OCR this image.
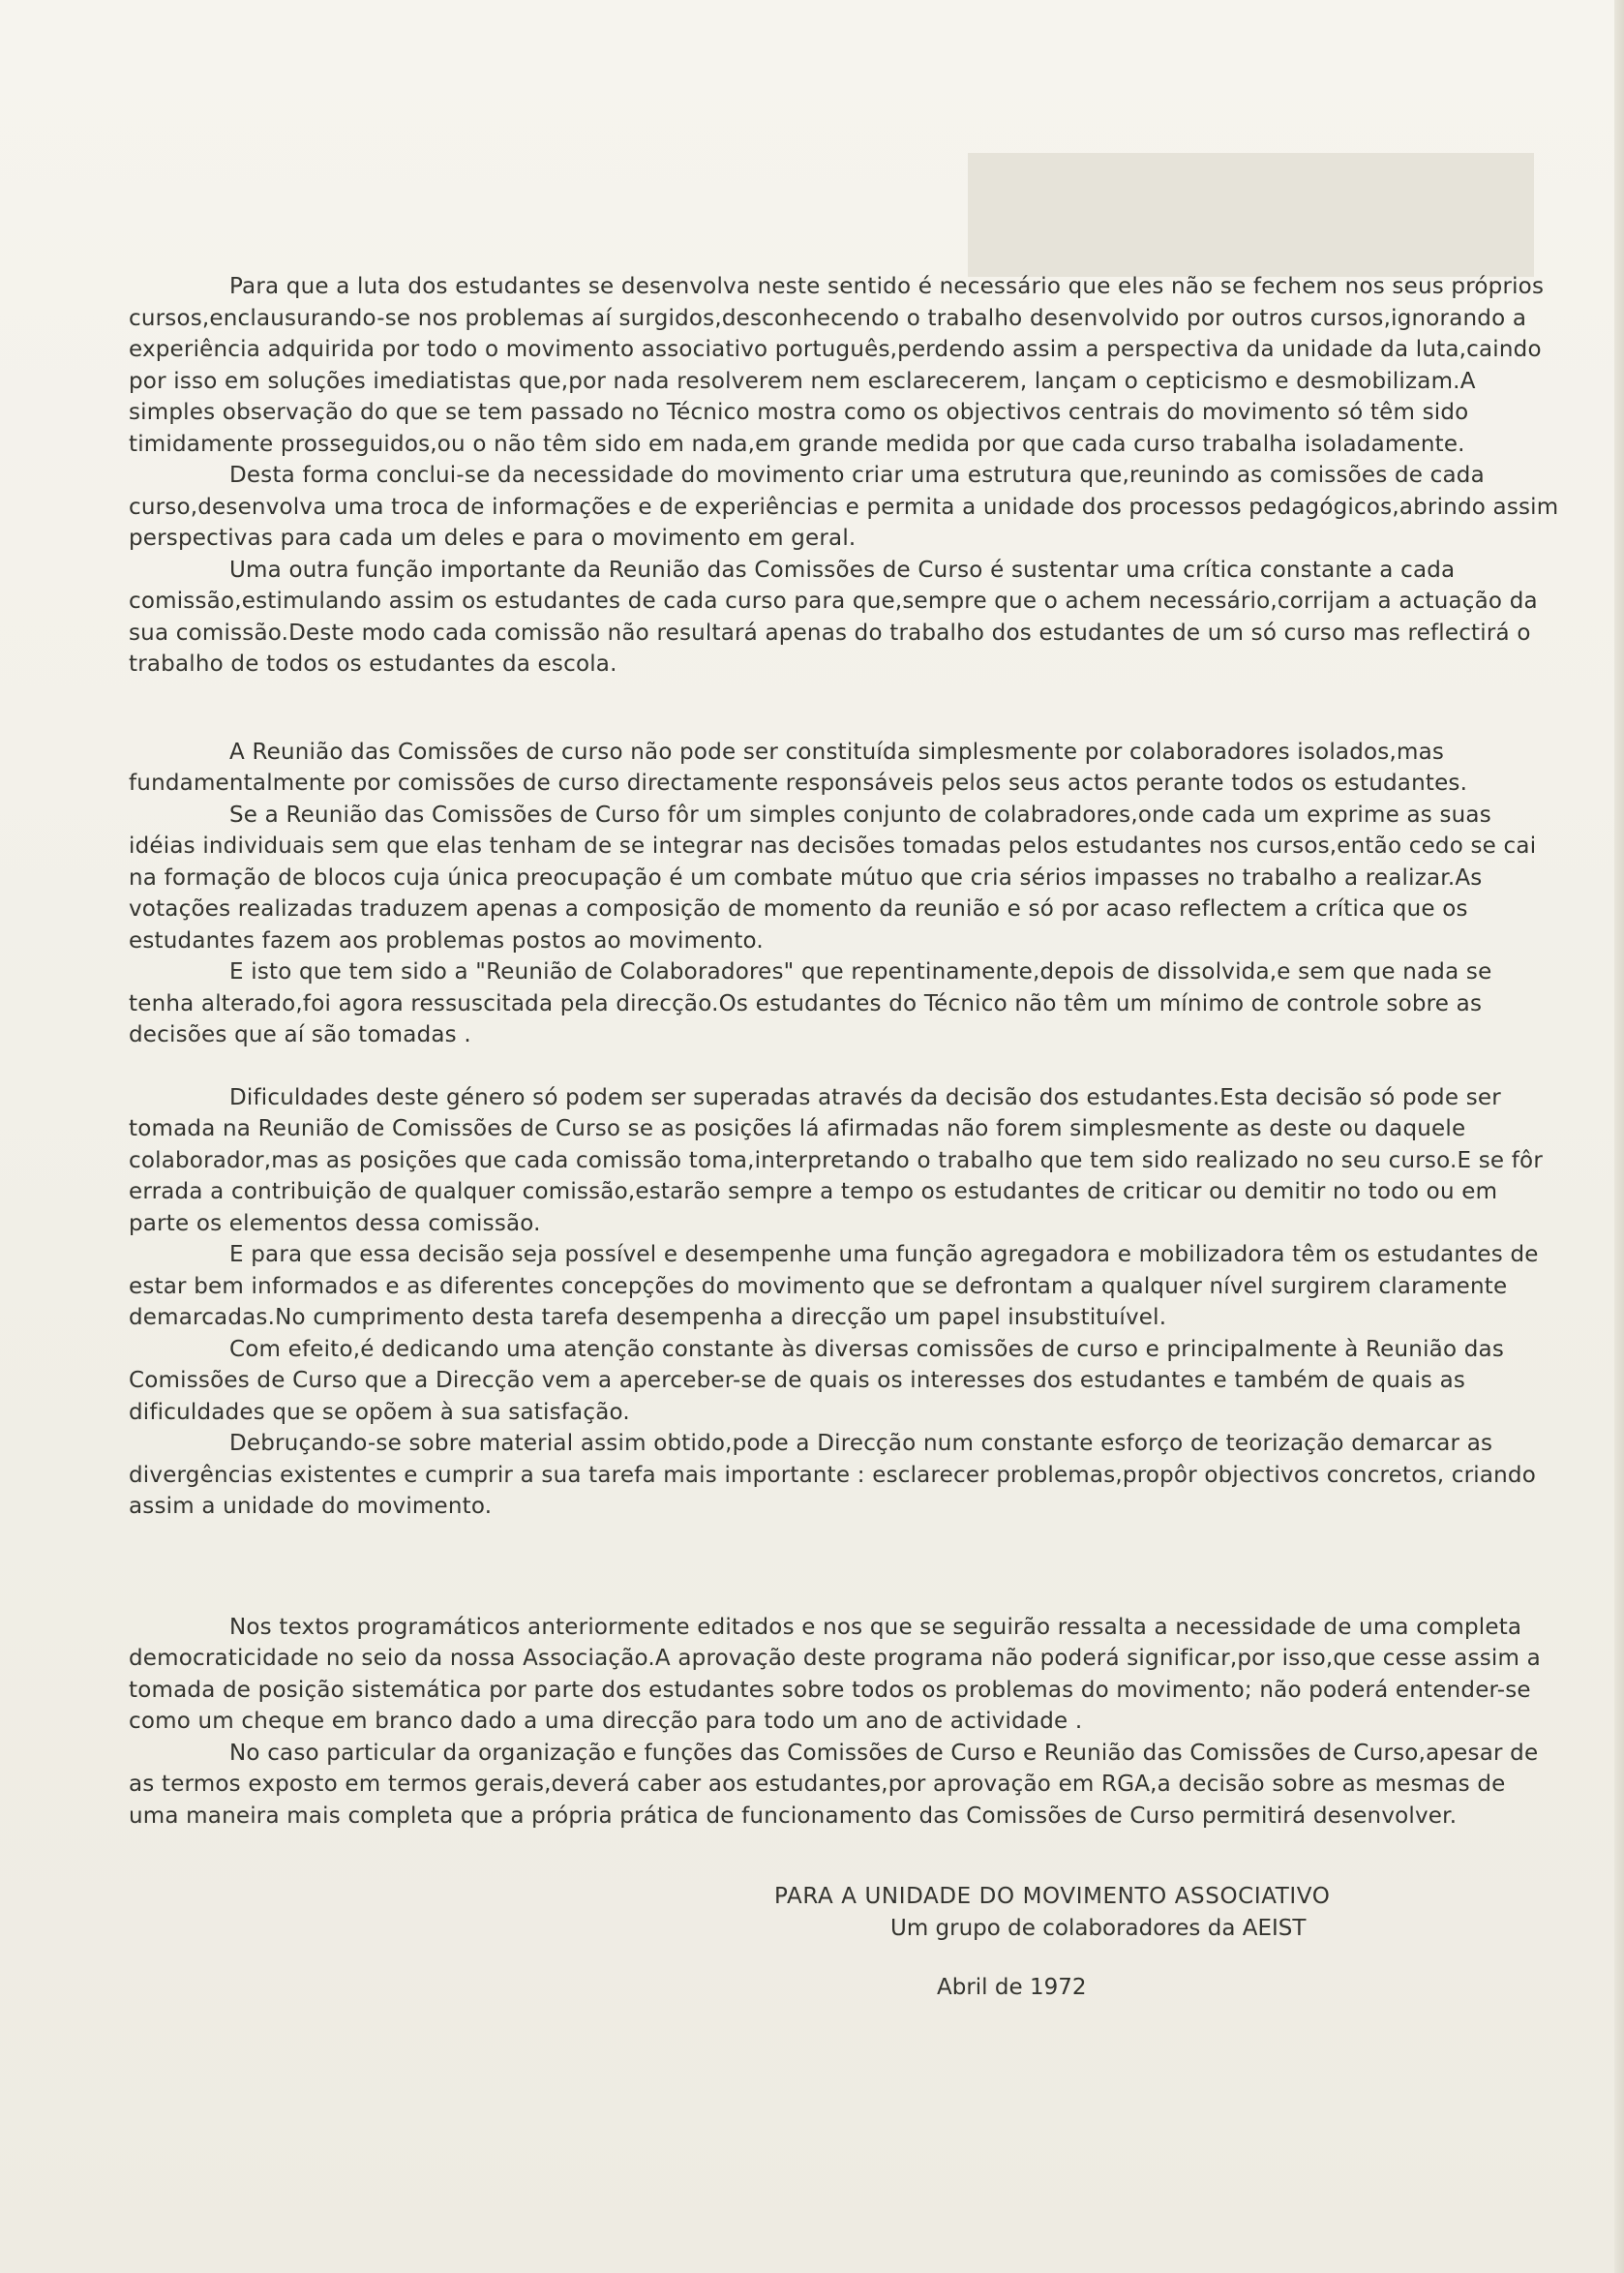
Para que a luta dos estudantes se desenvolva neste sentido é necessário que eles não se fechem nos seus próprios cursos,enclausurando-se nos problemas aí surgidos,desconhecendo o trabalho desenvolvido por outros cursos,ignorando a experiência adquirida por todo o movimento associativo português,perdendo assim a perspectiva da unidade da luta,caindo por isso em soluções imediatistas que,por nada resolverem nem esclarecerem, lançam o cepticismo e desmobilizam.A simples observação do que se tem passado no Técnico mostra como os objectivos centrais do movimento só têm sido timidamente prosseguidos,ou o não têm sido em nada,em grande medida por que cada curso trabalha isoladamente.

Desta forma conclui-se da necessidade do movimento criar uma estrutura que,reunindo as comissões de cada curso,desenvolva uma troca de informações e de experiências e permita a unidade dos processos pedagógicos,abrindo assim perspectivas para cada um deles e para o movimento em geral.

Uma outra função importante da Reunião das Comissões de Curso é sustentar uma crítica constante a cada comissão,estimulando assim os estudantes de cada curso para que,sempre que o achem necessário,corrijam a actuação da sua comissão.Deste modo cada comissão não resultará apenas do trabalho dos estudantes de um só curso mas reflectirá o trabalho de todos os estudantes da escola.

A Reunião das Comissões de curso não pode ser constituída simplesmente por colaboradores isolados,mas fundamentalmente por comissões de curso directamente responsáveis pelos seus actos perante todos os estudantes.

Se a Reunião das Comissões de Curso fôr um simples conjunto de colabradores,onde cada um exprime as suas idéias individuais sem que elas tenham de se integrar nas decisões tomadas pelos estudantes nos cursos,então cedo se cai na formação de blocos cuja única preocupação é um combate mútuo que cria sérios impasses no trabalho a realizar.As votações realizadas traduzem apenas a composição de momento da reunião e só por acaso reflectem a crítica que os estudantes fazem aos problemas postos ao movimento.

E isto que tem sido a "Reunião de Colaboradores" que repentinamente,depois de dissolvida,e sem que nada se tenha alterado,foi agora ressuscitada pela direcção.Os estudantes do Técnico não têm um mínimo de controle sobre as decisões que aí são tomadas .

Dificuldades deste género só podem ser superadas através da decisão dos estudantes.Esta decisão só pode ser tomada na Reunião de Comissões de Curso se as posições lá afirmadas não forem simplesmente as deste ou daquele colaborador,mas as posições que cada comissão toma,interpretando o trabalho que tem sido realizado no seu curso.E se fôr errada a contribuição de qualquer comissão,estarão sempre a tempo os estudantes de criticar ou demitir no todo ou em parte os elementos dessa comissão.

E para que essa decisão seja possível e desempenhe uma função agregadora e mobilizadora têm os estudantes de estar bem informados e as diferentes concepções do movimento que se defrontam a qualquer nível surgirem claramente demarcadas.No cumprimento desta tarefa desempenha a direcção um papel insubstituível.

Com efeito,é dedicando uma atenção constante às diversas comissões de curso e principalmente à Reunião das Comissões de Curso que a Direcção vem a aperceber-se de quais os interesses dos estudantes e também de quais as dificuldades que se opõem à sua satisfação.

Debruçando-se sobre material assim obtido,pode a Direcção num constante esforço de teorização demarcar as divergências existentes e cumprir a sua tarefa mais importante : esclarecer problemas,propôr objectivos concretos, criando assim a unidade do movimento.

Nos textos programáticos anteriormente editados e nos que se seguirão ressalta a necessidade de uma completa democraticidade no seio da nossa Associação.A aprovação deste programa não poderá significar,por isso,que cesse assim a tomada de posição sistemática por parte dos estudantes sobre todos os problemas do movimento; não poderá entender-se como um cheque em branco dado a uma direcção para todo um ano de actividade .

No caso particular da organização e funções das Comissões de Curso e Reunião das Comissões de Curso,apesar de as termos exposto em termos gerais,deverá caber aos estudantes,por aprovação em RGA,a decisão sobre as mesmas de uma maneira mais completa que a própria prática de funcionamento das Comissões de Curso permitirá desenvolver.

PARA A UNIDADE DO MOVIMENTO ASSOCIATIVO
Um grupo de colaboradores da AEIST
Abril de 1972
